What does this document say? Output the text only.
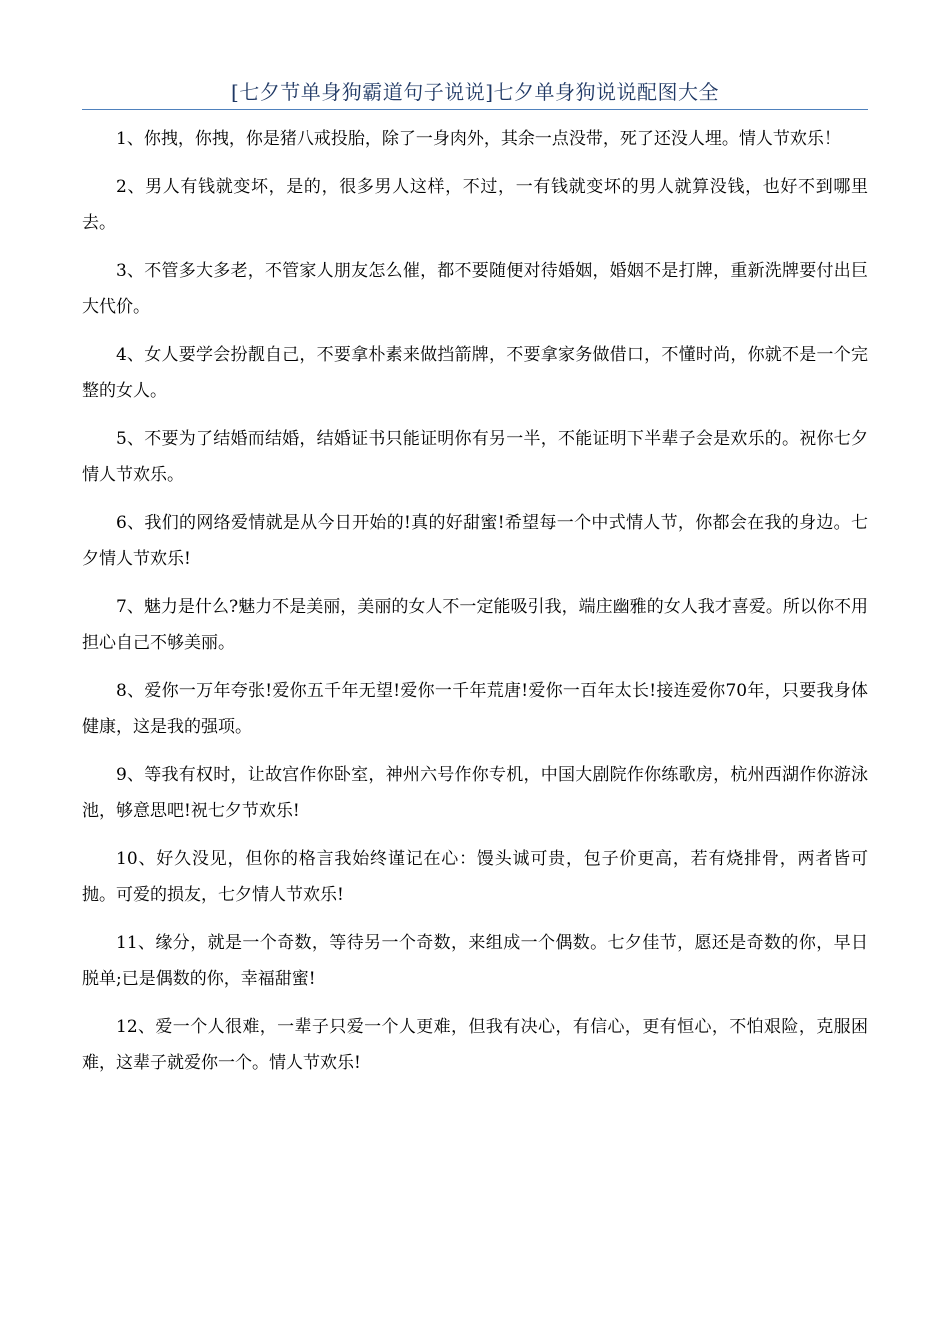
[七夕节单身狗霸道句子说说]七夕单身狗说说配图大全

1、你拽，你拽，你是猪八戒投胎，除了一身肉外，其余一点没带，死了还没人埋。情人节欢乐！

2、男人有钱就变坏，是的，很多男人这样，不过，一有钱就变坏的男人就算没钱，也好不到哪里去。

3、不管多大多老，不管家人朋友怎么催，都不要随便对待婚姻，婚姻不是打牌，重新洗牌要付出巨大代价。

4、女人要学会扮靓自己，不要拿朴素来做挡箭牌，不要拿家务做借口，不懂时尚，你就不是一个完整的女人。

5、不要为了结婚而结婚，结婚证书只能证明你有另一半，不能证明下半辈子会是欢乐的。祝你七夕情人节欢乐。

6、我们的网络爱情就是从今日开始的!真的好甜蜜!希望每一个中式情人节，你都会在我的身边。七夕情人节欢乐!

7、魅力是什么?魅力不是美丽，美丽的女人不一定能吸引我，端庄幽雅的女人我才喜爱。所以你不用担心自己不够美丽。

8、爱你一万年夸张!爱你五千年无望!爱你一千年荒唐!爱你一百年太长!接连爱你70年，只要我身体健康，这是我的强项。

9、等我有权时，让故宫作你卧室，神州六号作你专机，中国大剧院作你练歌房，杭州西湖作你游泳池，够意思吧!祝七夕节欢乐!

10、好久没见，但你的格言我始终谨记在心：馒头诚可贵，包子价更高，若有烧排骨，两者皆可抛。可爱的损友，七夕情人节欢乐!

11、缘分，就是一个奇数，等待另一个奇数，来组成一个偶数。七夕佳节，愿还是奇数的你，早日脱单;已是偶数的你，幸福甜蜜!

12、爱一个人很难，一辈子只爱一个人更难，但我有决心，有信心，更有恒心，不怕艰险，克服困难，这辈子就爱你一个。情人节欢乐!
